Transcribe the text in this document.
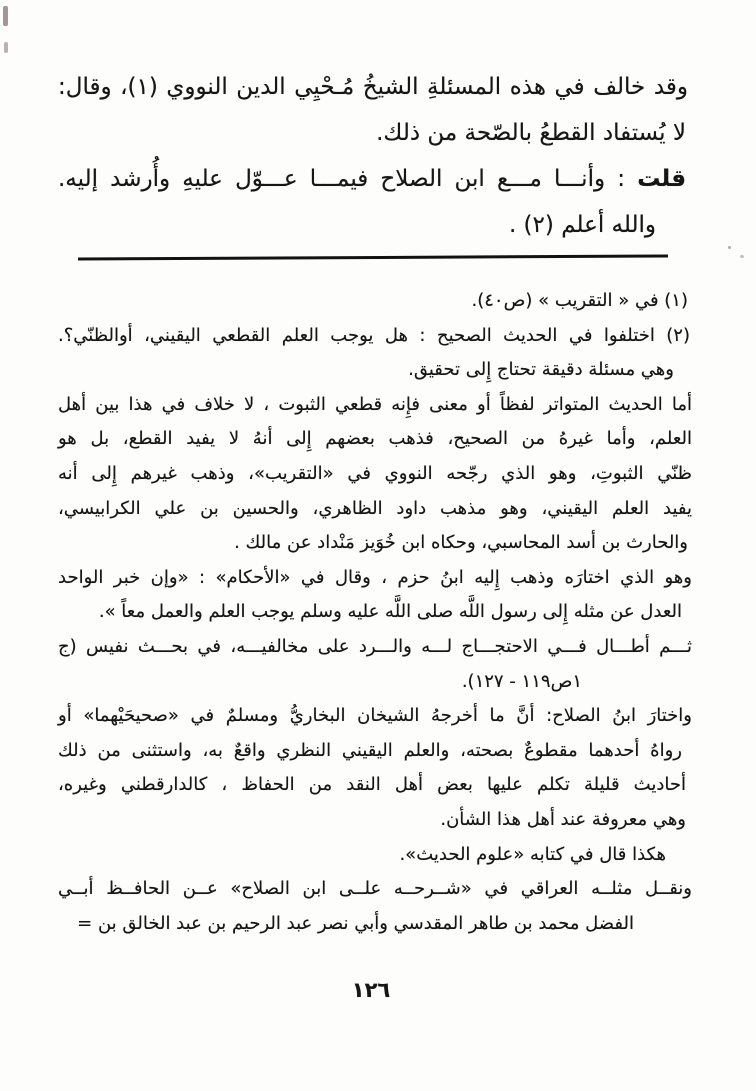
وقد خالف في هذه المسئلةِ الشيخُ مُـحْيِي الدين النووي (١)، وقال:
لا يُستفاد القطعُ بالصّحة من ذلك.
قلت : وأنـــا مـــع ابن الصلاح فيمـــا عـــوّل عليهِ وأُرشد إليه.
والله أعلم (٢) .
(١) في « التقريب » (ص٤٠).
(٢) اختلفوا في الحديث الصحيح : هل يوجب العلم القطعي اليقيني، أوالظنّي؟.
وهي مسئلة دقيقة تحتاج إِلى تحقيق.
أما الحديث المتواتر لفظاً أو معنى فإِنه قطعي الثبوت ، لا خلاف في هذا بين أهل
العلم، وأما غيرهُ من الصحيح، فذهب بعضهم إِلى أنهُ لا يفيد القطع، بل هو
ظنّي الثبوتِ، وهو الذي رجّحه النووي في «التقريب»، وذهب غيرهم إِلى أنه
يفيد العلم اليقيني، وهو مذهب داود الظاهري، والحسين بن علي الكرابيسي،
والحارث بن أسد المحاسبي، وحكاه ابن خُوَيز مَنْداد عن مالك .
وهو الذي اختارَه وذهب إِليه ابنُ حزم ، وقال في «الأحكام» : «وإن خبر الواحد
العدل عن مثله إِلى رسول اللَّه صلى اللَّه عليه وسلم يوجب العلم والعمل معاً ».
ثـــم أطـــال فـــي الاحتجـــاج لـــه والـــرد على مخالفيـــه، في بحـــث نفيس (ج
١ص١١٩ - ١٢٧).
واختارَ ابنُ الصلاح: أنَّ ما أخرجهُ الشيخان البخاريُّ ومسلمٌ في «صحيحَيْهما» أو
رواهُ أحدهما مقطوعٌ بصحته، والعلم اليقيني النظري واقعٌ به، واستثنى من ذلك
أحاديث قليلة تكلم عليها بعض أهل النقد من الحفاظ ، كالدارقطني وغيره،
وهي معروفة عند أهل هذا الشأن.
هكذا قال في كتابه «علوم الحديث».
ونقــل مثلــه العراقي في «شــرحــه علــى ابن الصلاح» عــن الحافــظ أبــي
الفضل محمد بن طاهر المقدسي وأبي نصر عبد الرحيم بن عبد الخالق بن =
١٢٦
